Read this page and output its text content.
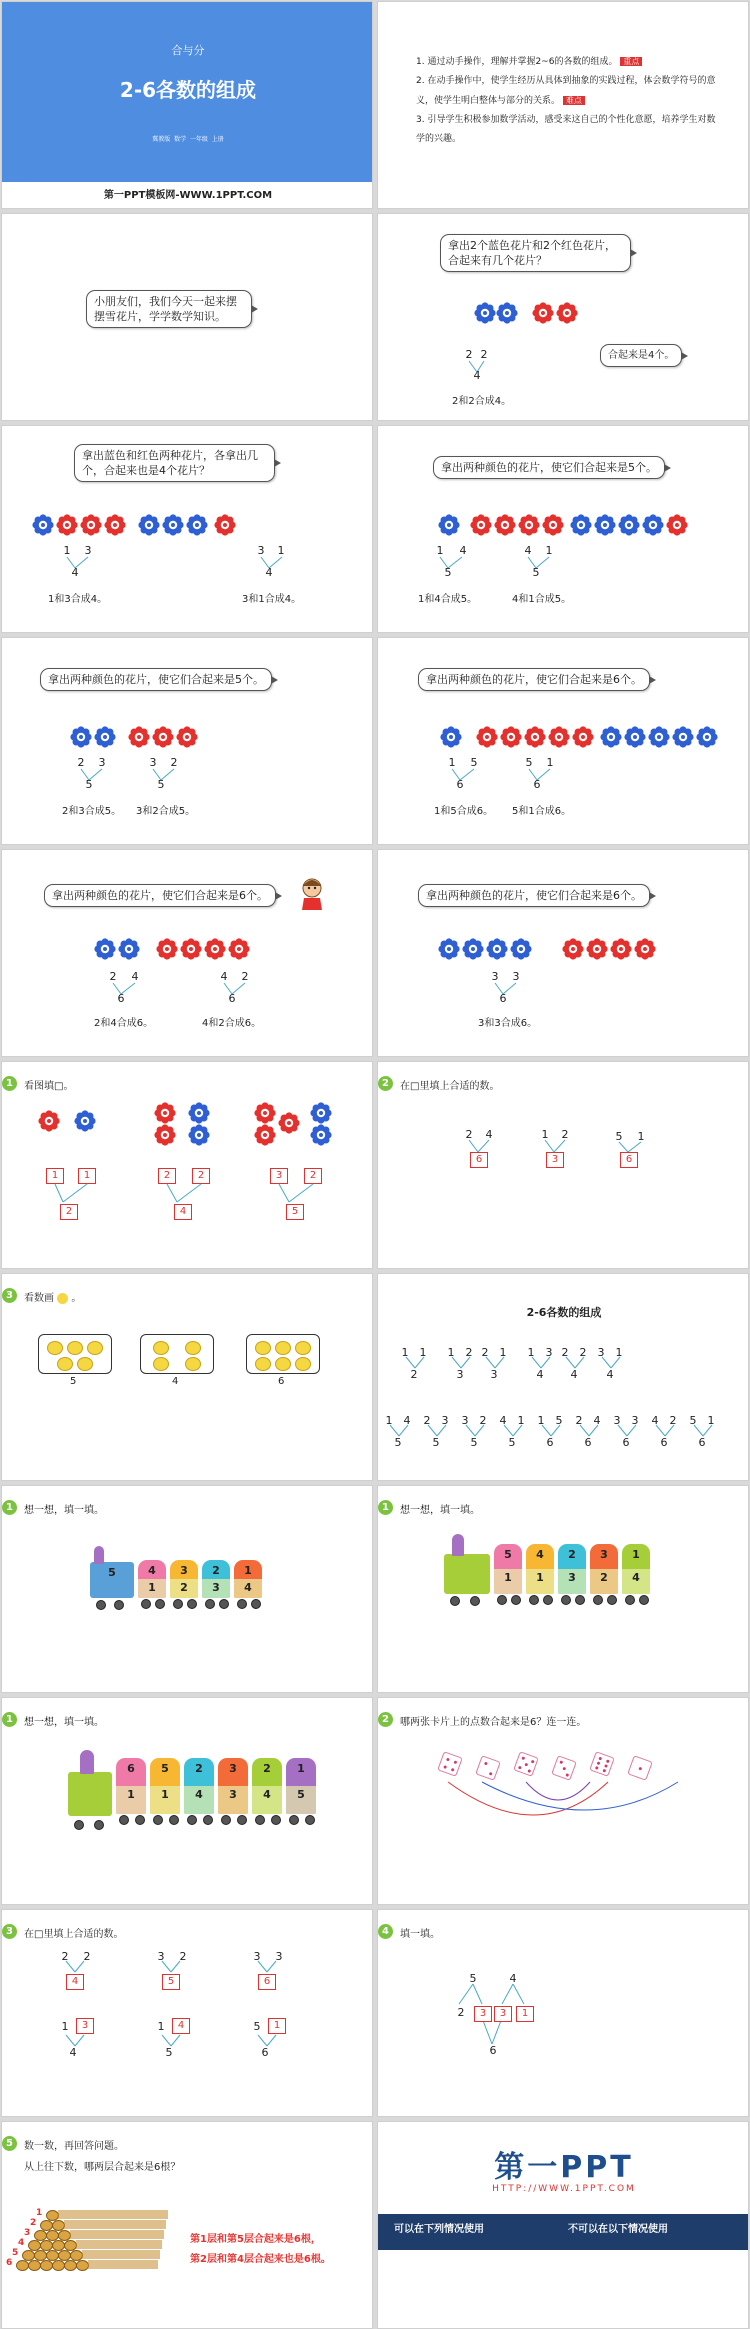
合与分
2-6各数的组成
冀教版 数学 一年级 上册
第一PPT模板网-WWW.1PPT.COM
1. 通过动手操作，理解并掌握2~6的各数的组成。 重点
2. 在动手操作中，使学生经历从具体到抽象的实践过程，体会数学符号的意义，使学生明白整体与部分的关系。 难点
3. 引导学生积极参加数学活动，感受来这自己的个性化意愿，培养学生对数学的兴趣。
小朋友们，我们今天一起来摆摆雪花片，学学数学知识。
拿出2个蓝色花片和2个红色花片，合起来有几个花片？
2 2
4
合起来是4个。
2和2合成4。
拿出蓝色和红色两种花片，各拿出几个，合起来也是4个花片？
1	3
4
1和3合成4。
3	1
4
3和1合成4。
拿出两种颜色的花片，使它们合起来是5个。
1	4
5
1和4合成5。
4	1
5
4和1合成5。
拿出两种颜色的花片，使它们合起来是5个。
2	3
5
2和3合成5。
3	2
5
3和2合成5。
拿出两种颜色的花片，使它们合起来是6个。
1	5
6
1和5合成6。
5	1
6
5和1合成6。
拿出两种颜色的花片，使它们合起来是6个。
2	4
6
2和4合成6。
4	2
6
4和2合成6。
拿出两种颜色的花片，使它们合起来是6个。
3	3
6
3和3合成6。
1	看图填□。
1	1
2
2	2
4
3	2
5
2	在□里填上合适的数。
2	4
6
1	2
3
5	1
6
3	看数画  。
5	4	6
2-6各数的组成
1	1
2
1	2
3
2	1
3
1	3
4
2	2
4
3	1
4
1	4
5
2	3
5
3	2
5
4	1
5
1	5
6
2	4
6
3	3
6
4	2
6
5	1
6
1	想一想，填一填。
5	4
1
3
2
2
3
1
4
1	想一想，填一填。
5
1
4
1
2
3
3
2
1
4
1	想一想，填一填。
6
1
5
1
2
4
3
3
2
4
1
5
2	哪两张卡片上的点数合起来是6？连一连。
3	在□里填上合适的数。
2	2
4
3	2
5
3	3
6
1	3
4
1	4
5
5	1
6
4	填一填。
5	4
2	3	3	1
6
5	数一数，再回答问题。
从上往下数，哪两层合起来是6根？
1
2
3
4
5
6
第1层和第5层合起来是6根，
第2层和第4层合起来也是6根。
第一PPT
HTTP://WWW.1PPT.COM
可以在下列情况使用	不可以在以下情况使用
